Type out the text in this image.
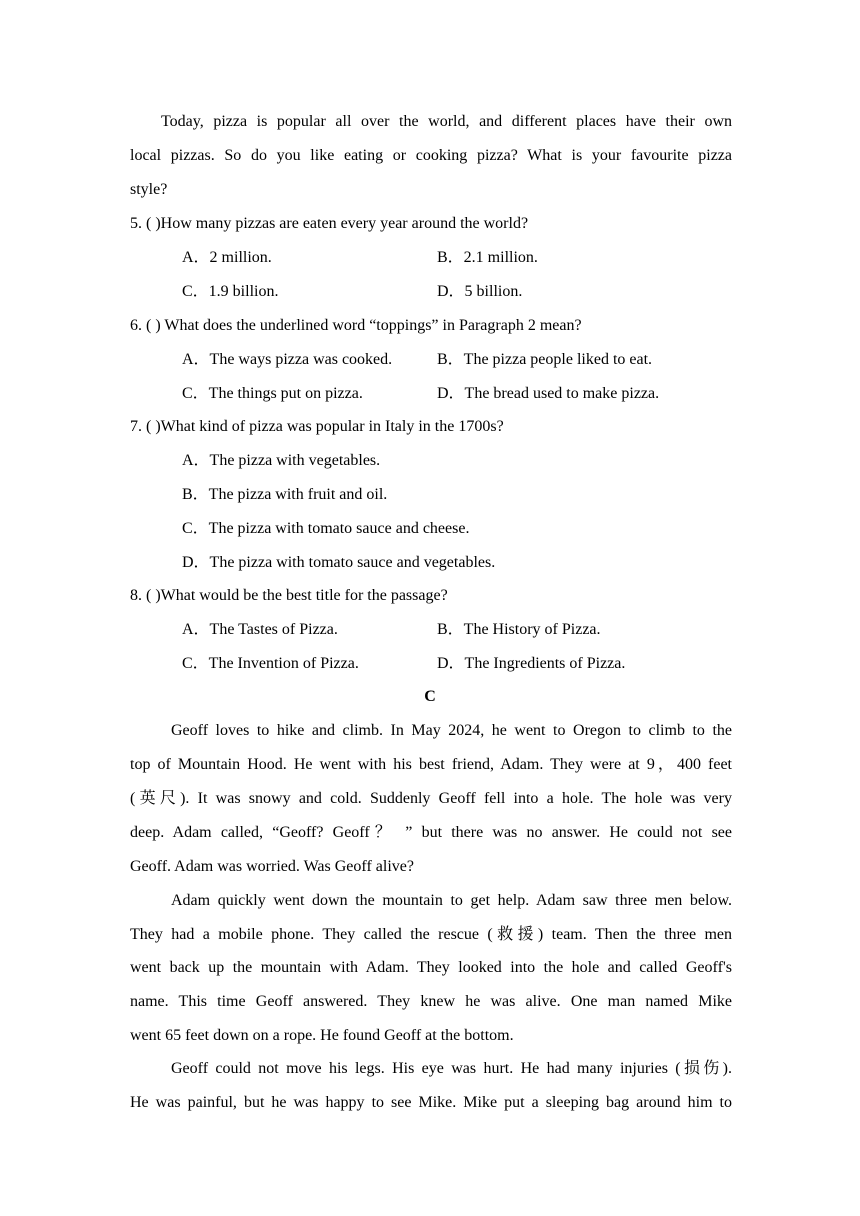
Today, pizza is popular all over the world, and different places have their own
local pizzas. So do you like eating or cooking pizza? What is your favourite pizza
style?
5. ( )How many pizzas are eaten every year around the world?
A．2 million.	B．2.1 million.
C．1.9 billion.	D．5 billion.
6. ( ) What does the underlined word “toppings” in Paragraph 2 mean?
A．The ways pizza was cooked.	B．The pizza people liked to eat.
C．The things put on pizza.	D．The bread used to make pizza.
7. ( )What kind of pizza was popular in Italy in the 1700s?
A．The pizza with vegetables.
B．The pizza with fruit and oil.
C．The pizza with tomato sauce and cheese.
D．The pizza with tomato sauce and vegetables.
8. ( )What would be the best title for the passage?
A．The Tastes of Pizza.	B．The History of Pizza.
C．The Invention of Pizza.	D．The Ingredients of Pizza.
C
Geoff loves to hike and climb. In May 2024, he went to Oregon to climb to the
top of Mountain Hood. He went with his best friend, Adam. They were at 9，400 feet
(英尺). It was snowy and cold. Suddenly Geoff fell into a hole. The hole was very
deep. Adam called, “Geoff? Geoff？ ” but there was no answer. He could not see
Geoff. Adam was worried. Was Geoff alive?
Adam quickly went down the mountain to get help. Adam saw three men below.
They had a mobile phone. They called the rescue (救援) team. Then the three men
went back up the mountain with Adam. They looked into the hole and called Geoff's
name. This time Geoff answered. They knew he was alive. One man named Mike
went 65 feet down on a rope. He found Geoff at the bottom.
Geoff could not move his legs. His eye was hurt. He had many injuries (损伤).
He was painful, but he was happy to see Mike. Mike put a sleeping bag around him to
